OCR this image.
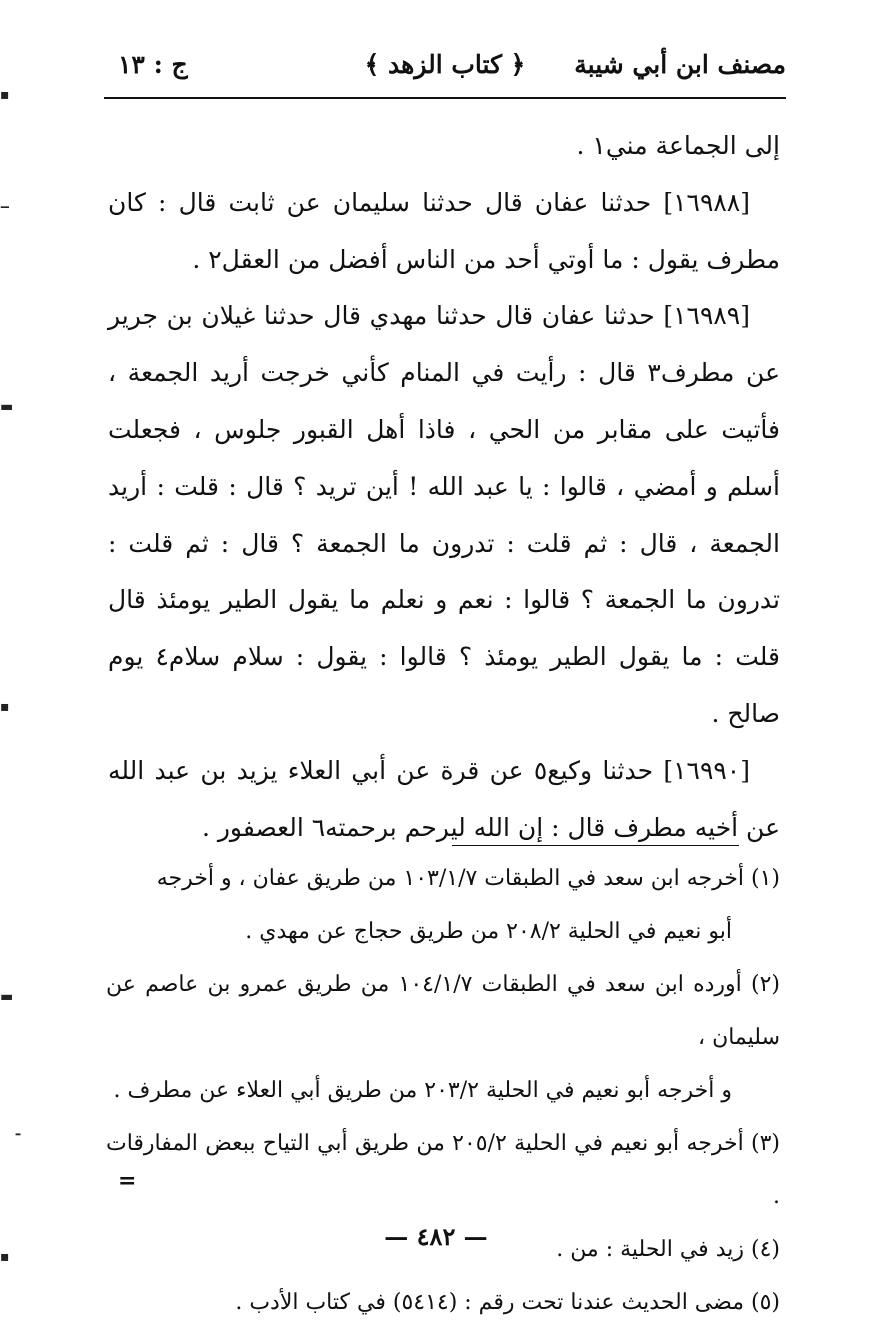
مصنف ابن أبي شيبة
﴿ كتاب الزهد ﴾
ج : ١٣

إلى الجماعة مني١ .

[١٦٩٨٨] حدثنا عفان قال حدثنا سليمان عن ثابت قال : كان مطرف يقول : ما أوتي أحد من الناس أفضل من العقل٢ .

[١٦٩٨٩] حدثنا عفان قال حدثنا مهدي قال حدثنا غيلان بن جرير عن مطرف٣ قال : رأيت في المنام كأني خرجت أريد الجمعة ، فأتيت على مقابر من الحي ، فاذا أهل القبور جلوس ، فجعلت أسلم و أمضي ، قالوا : يا عبد الله ! أين تريد ؟ قال : قلت : أريد الجمعة ، قال : ثم قلت : تدرون ما الجمعة ؟ قال : ثم قلت : تدرون ما الجمعة ؟ قالوا : نعم و نعلم ما يقول الطير يومئذ قال قلت : ما يقول الطير يومئذ ؟ قالوا : يقول : سلام سلام٤ يوم صالح .

[١٦٩٩٠] حدثنا وكيع٥ عن قرة عن أبي العلاء يزيد بن عبد الله عن أخيه مطرف قال : إن الله ليرحم برحمته٦ العصفور .

(١) أخرجه ابن سعد في الطبقات ١٠٣/١/٧ من طريق عفان ، و أخرجه

أبو نعيم في الحلية ٢٠٨/٢ من طريق حجاج عن مهدي .

(٢) أورده ابن سعد في الطبقات ١٠٤/١/٧ من طريق عمرو بن عاصم عن سليمان ،

و أخرجه أبو نعيم في الحلية ٢٠٣/٢ من طريق أبي العلاء عن مطرف .

(٣) أخرجه أبو نعيم في الحلية ٢٠٥/٢ من طريق أبي التياح ببعض المفارقات .

(٤) زيد في الحلية : من .

(٥) مضى الحديث عندنا تحت رقم : (٥٤١٤) في كتاب الأدب .

=
— ٤٨٢ —
▪
‒
▬
▪
▬
ـ
▪
